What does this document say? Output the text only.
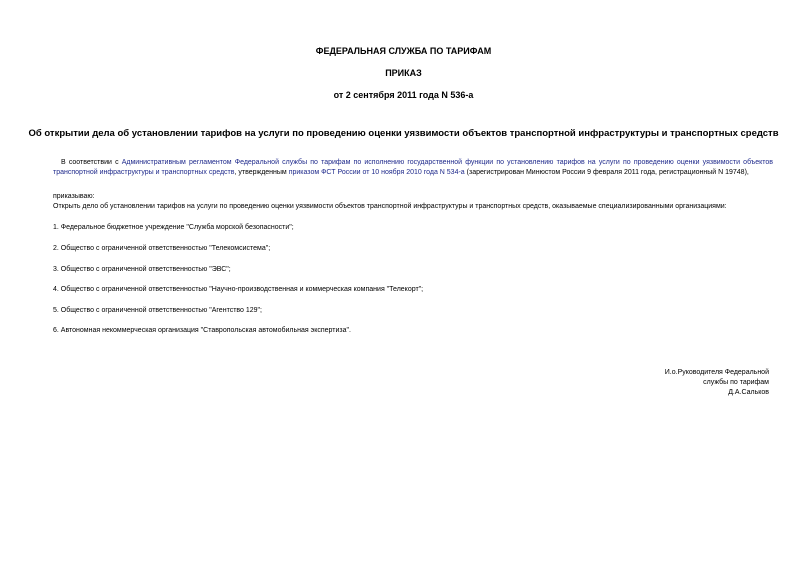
ФЕДЕРАЛЬНАЯ СЛУЖБА ПО ТАРИФАМ
ПРИКАЗ
от 2 сентября 2011 года N 536-а
Об открытии дела об установлении тарифов на услуги по проведению оценки уязвимости объектов транспортной инфраструктуры и транспортных средств
В соответствии с Административным регламентом Федеральной службы по тарифам по исполнению государственной функции по установлению тарифов на услуги по проведению оценки уязвимости объектов транспортной инфраструктуры и транспортных средств, утвержденным приказом ФСТ России от 10 ноября 2010 года N 534-а (зарегистрирован Минюстом России 9 февраля 2011 года, регистрационный N 19748),
приказываю:
Открыть дело об установлении тарифов на услуги по проведению оценки уязвимости объектов транспортной инфраструктуры и транспортных средств, оказываемые специализированными организациями:
1. Федеральное бюджетное учреждение "Служба морской безопасности";
2. Общество с ограниченной ответственностью "Телекомсистема";
3. Общество с ограниченной ответственностью "ЭВС";
4. Общество с ограниченной ответственностью "Научно-производственная и коммерческая компания "Телекорт";
5. Общество с ограниченной ответственностью "Агентство 129";
6. Автономная некоммерческая организация "Ставропольская автомобильная экспертиза".
И.о.Руководителя Федеральной
службы по тарифам
Д.А.Сальков
